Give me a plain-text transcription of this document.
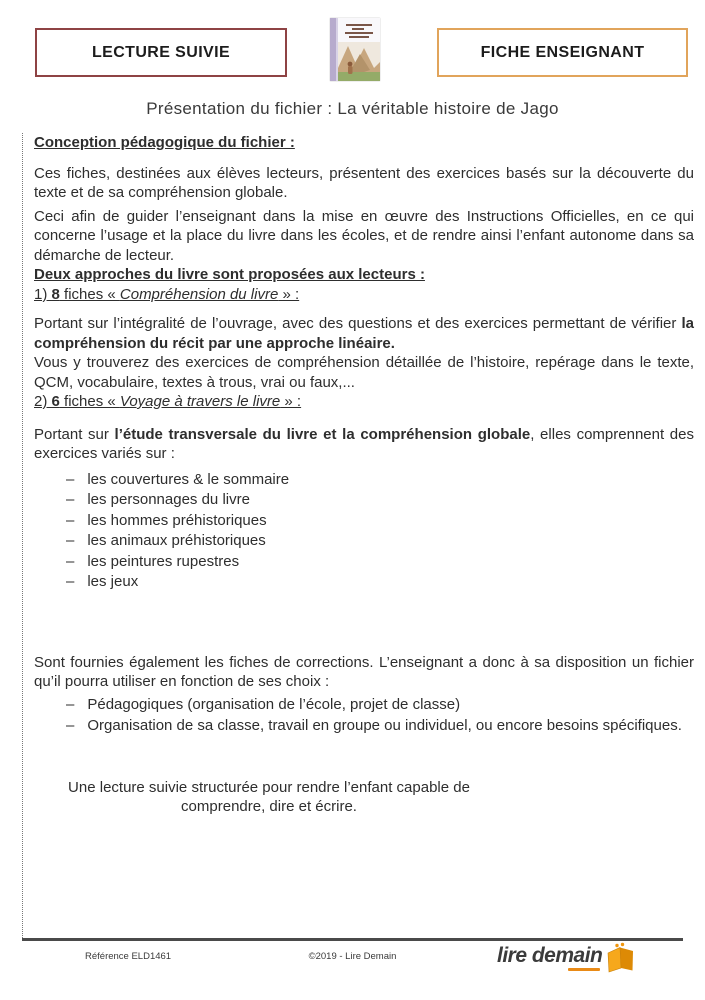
LECTURE SUIVIE	FICHE ENSEIGNANT
Présentation du fichier : La véritable histoire de Jago

Conception pédagogique du fichier :

Ces fiches, destinées aux élèves lecteurs, présentent des exercices basés sur la découverte du texte et de sa compréhension globale.

Ceci afin de guider l’enseignant dans la mise en œuvre des Instructions Officielles, en ce qui concerne l’usage et la place du livre dans les écoles, et de rendre ainsi l’enfant autonome dans sa démarche de lecteur.

Deux approches du livre sont proposées aux lecteurs :

1) 8 fiches « Compréhension du livre » :

Portant sur l’intégralité de l’ouvrage, avec des questions et des exercices permettant de vérifier la compréhension du récit par une approche linéaire.

Vous y trouverez des exercices de compréhension détaillée de l’histoire, repérage dans le texte, QCM, vocabulaire, textes à trous, vrai ou faux,...

2) 6 fiches « Voyage à travers le livre » :

Portant sur l’étude transversale du livre et la compréhension globale, elles comprennent des exercices variés sur :

– les couvertures & le sommaire
– les personnages du livre
– les hommes préhistoriques
– les animaux préhistoriques
– les peintures rupestres
– les jeux

Sont fournies également les fiches de corrections. L’enseignant a donc à sa disposition un fichier qu’il pourra utiliser en fonction de ses choix :

– Pédagogiques (organisation de l’école, projet de classe)
– Organisation de sa classe, travail en groupe ou individuel, ou encore besoins spécifiques.

Une lecture suivie structurée pour rendre l’enfant capable de comprendre, dire et écrire.

Référence ELD1461	©2019 - Lire Demain	lire demain
